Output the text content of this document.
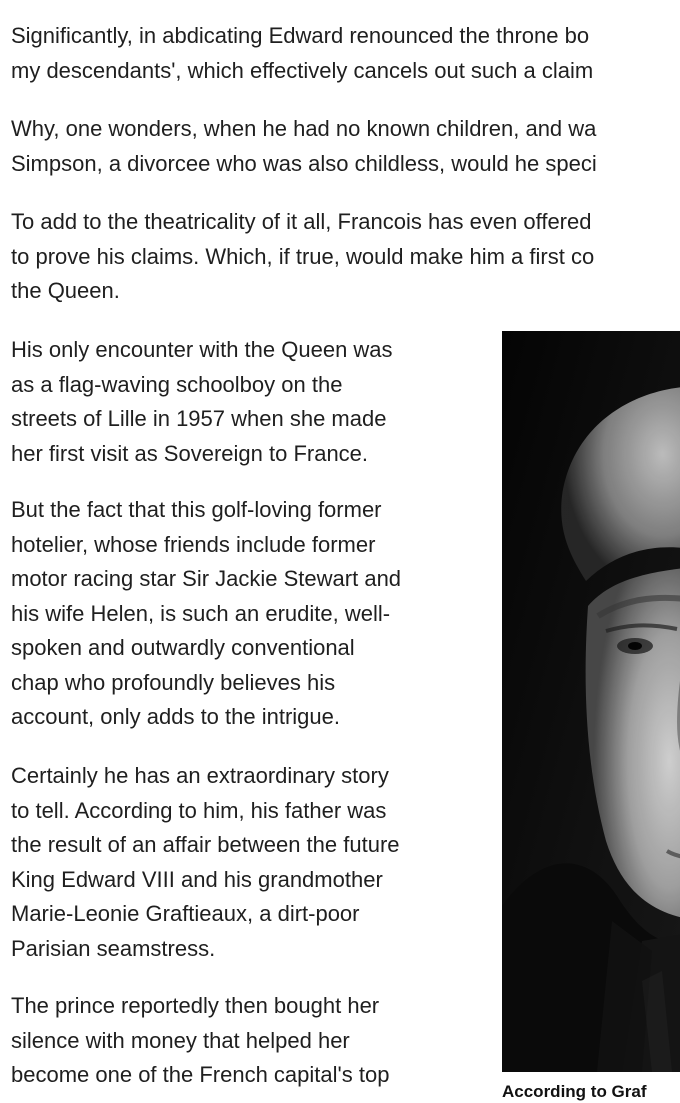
Significantly, in abdicating Edward renounced the throne bo
my descendants', which effectively cancels out such a claim

Why, one wonders, when he had no known children, and wa
Simpson, a divorcee who was also childless, would he speci

To add to the theatricality of it all, Francois has even offered
to prove his claims. Which, if true, would make him a first co
the Queen.

His only encounter with the Queen was
as a flag-waving schoolboy on the
streets of Lille in 1957 when she made
her first visit as Sovereign to France.

But the fact that this golf-loving former
hotelier, whose friends include former
motor racing star Sir Jackie Stewart and
his wife Helen, is such an erudite, well-
spoken and outwardly conventional
chap who profoundly believes his
account, only adds to the intrigue.

Certainly he has an extraordinary story
to tell. According to him, his father was
the result of an affair between the future
King Edward VIII and his grandmother
Marie-Leonie Graftieaux, a dirt-poor
Parisian seamstress.

The prince reportedly then bought her
silence with money that helped her
become one of the French capital's top

According to Graf
